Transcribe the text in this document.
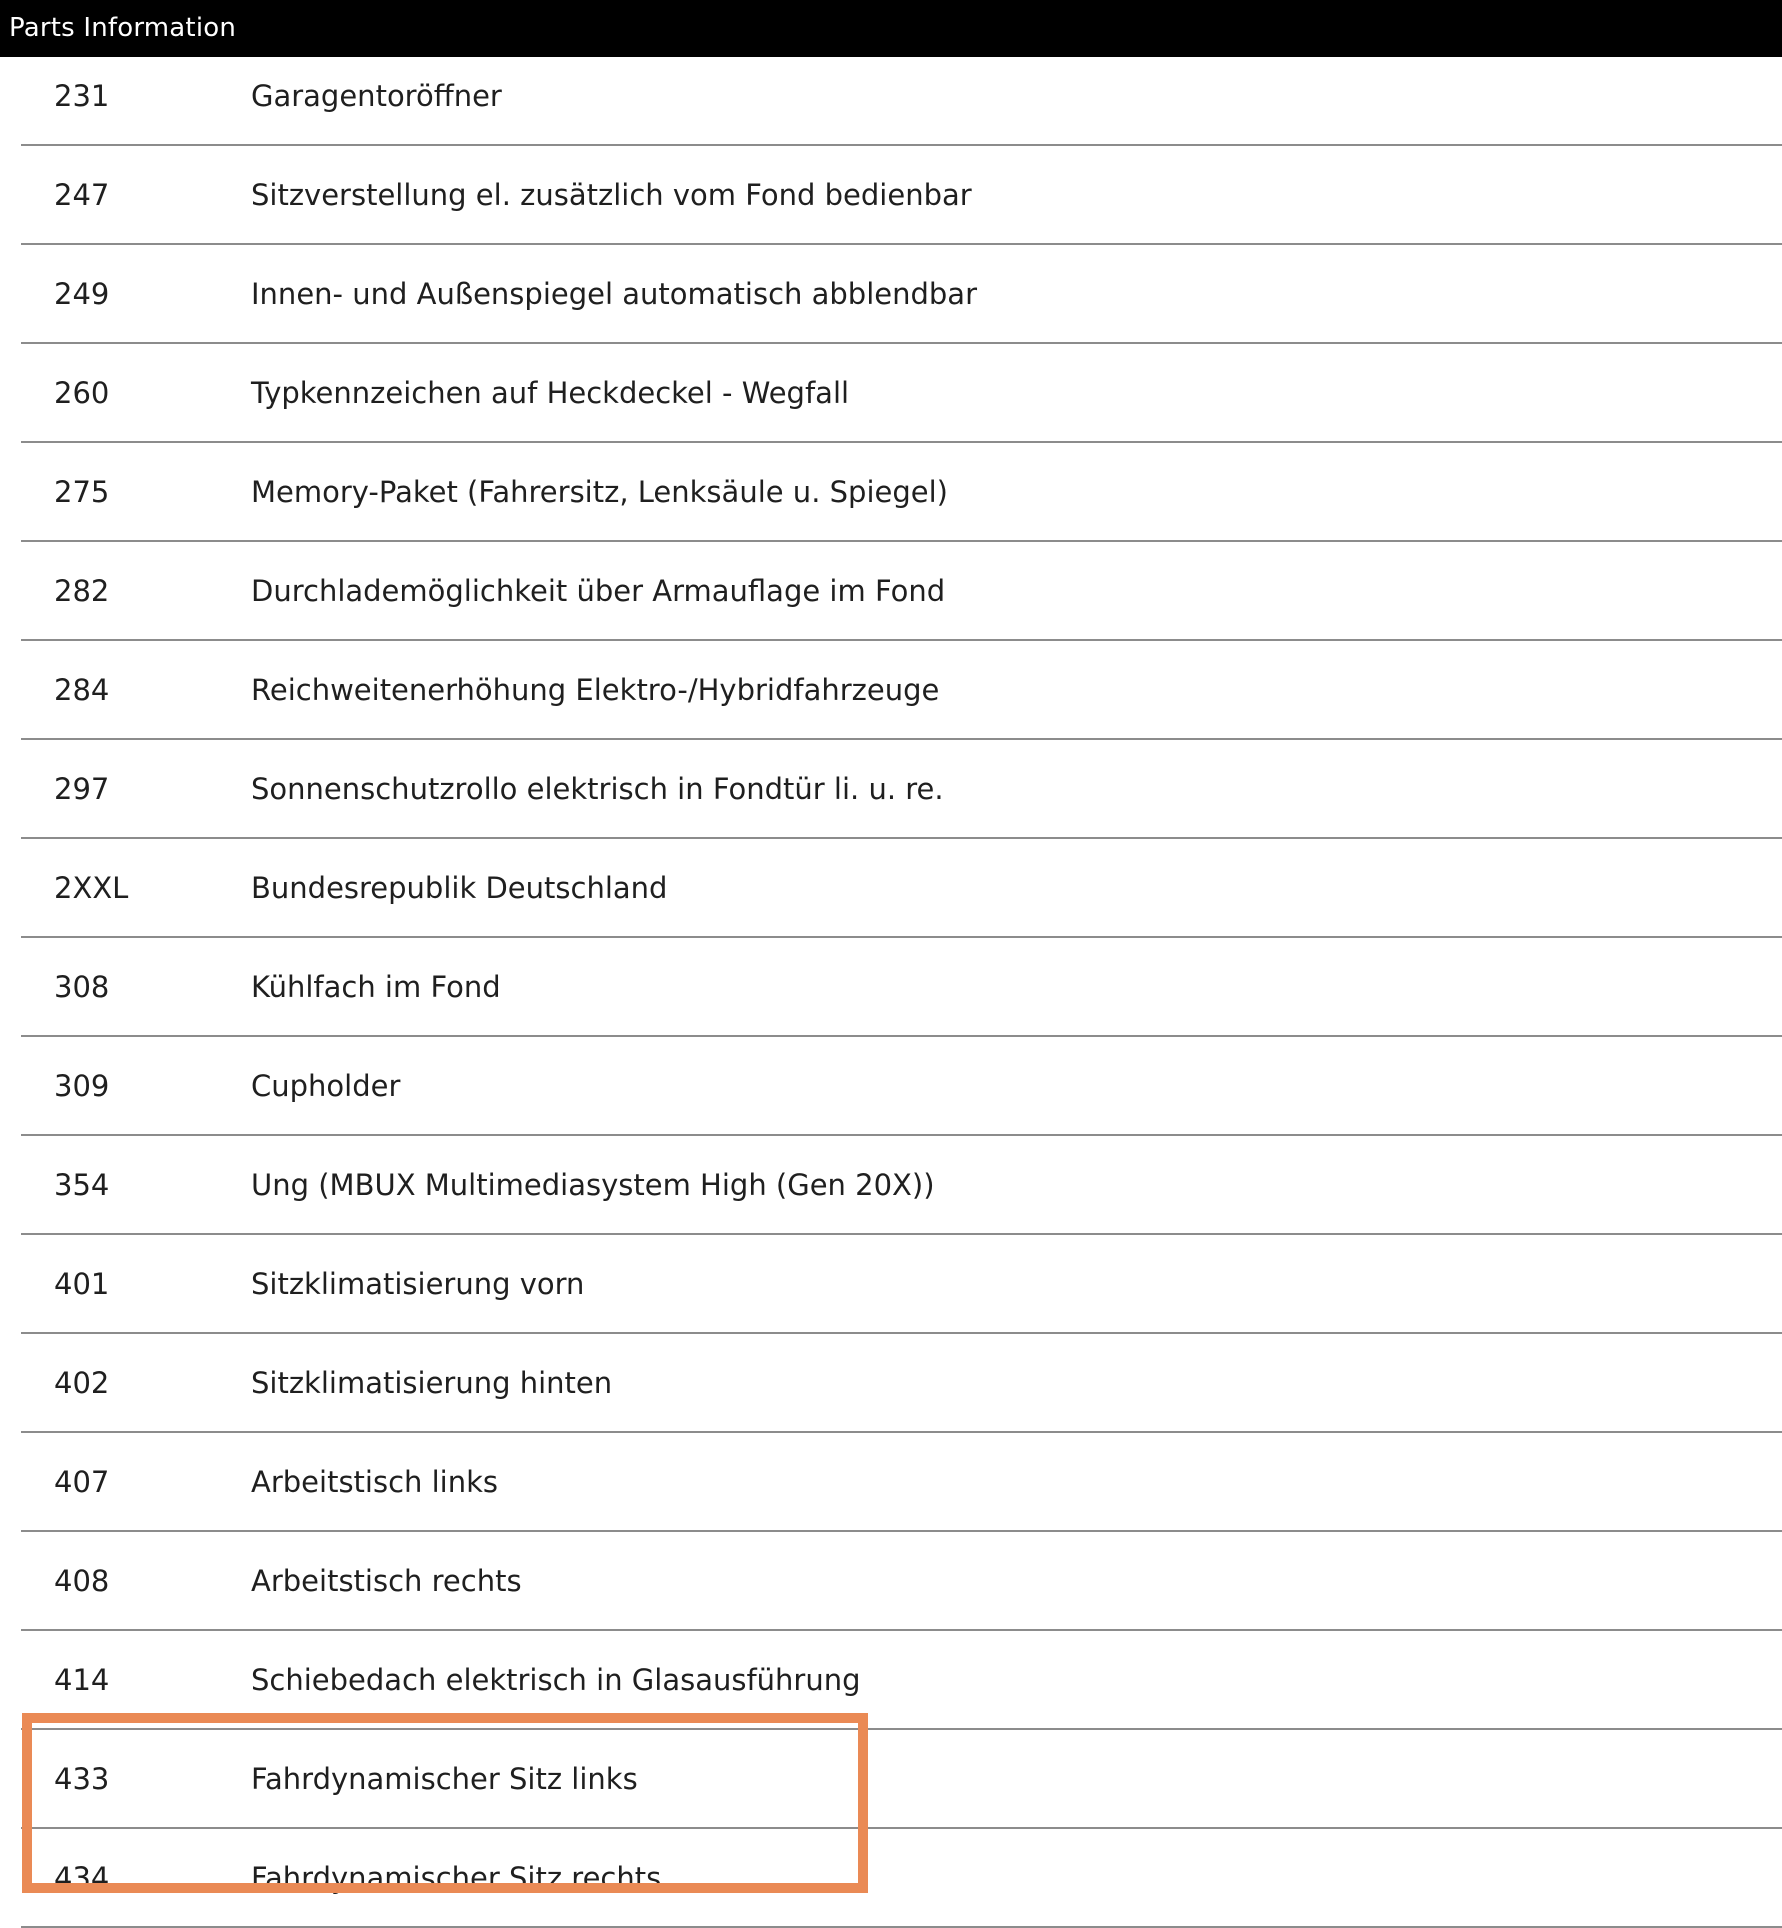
Parts Information
231	Garagentoröffner
247	Sitzverstellung el. zusätzlich vom Fond bedienbar
249	Innen- und Außenspiegel automatisch abblendbar
260	Typkennzeichen auf Heckdeckel - Wegfall
275	Memory-Paket (Fahrersitz, Lenksäule u. Spiegel)
282	Durchlademöglichkeit über Armauflage im Fond
284	Reichweitenerhöhung Elektro-/Hybridfahrzeuge
297	Sonnenschutzrollo elektrisch in Fondtür li. u. re.
2XXL	Bundesrepublik Deutschland
308	Kühlfach im Fond
309	Cupholder
354	Ung (MBUX Multimediasystem High (Gen 20X))
401	Sitzklimatisierung vorn
402	Sitzklimatisierung hinten
407	Arbeitstisch links
408	Arbeitstisch rechts
414	Schiebedach elektrisch in Glasausführung
433	Fahrdynamischer Sitz links
434	Fahrdynamischer Sitz rechts
